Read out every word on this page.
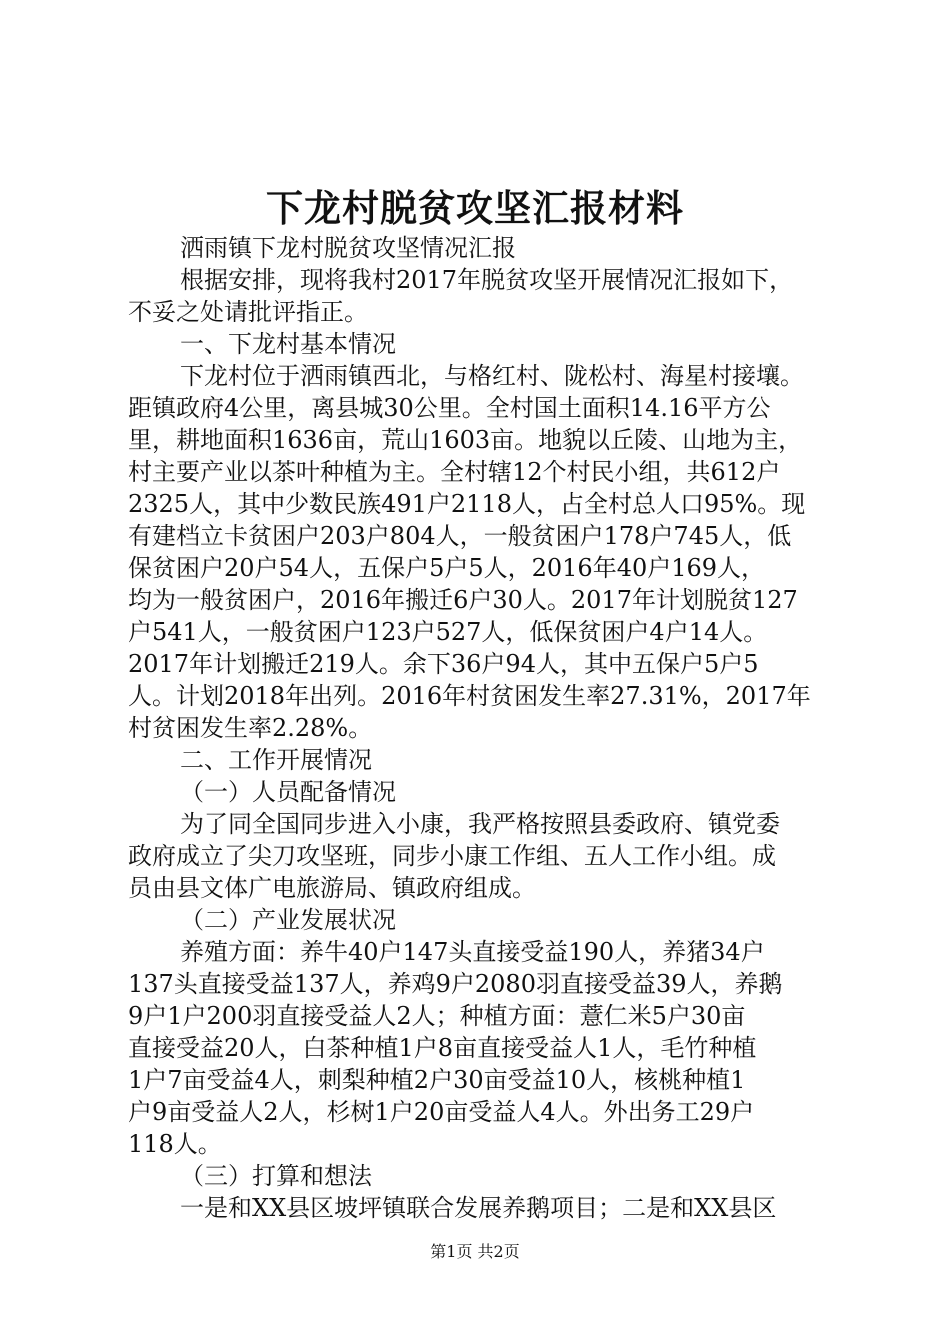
下龙村脱贫攻坚汇报材料
洒雨镇下龙村脱贫攻坚情况汇报
根据安排，现将我村2017年脱贫攻坚开展情况汇报如下，
不妥之处请批评指正。
一、下龙村基本情况
下龙村位于洒雨镇西北，与格红村、陇松村、海星村接壤。
距镇政府4公里，离县城30公里。全村国土面积14.16平方公
里，耕地面积1636亩，荒山1603亩。地貌以丘陵、山地为主，
村主要产业以茶叶种植为主。全村辖12个村民小组，共612户
2325人，其中少数民族491户2118人，占全村总人口95%。现
有建档立卡贫困户203户804人，一般贫困户178户745人，低
保贫困户20户54人，五保户5户5人，2016年40户169人，
均为一般贫困户，2016年搬迁6户30人。2017年计划脱贫127
户541人，一般贫困户123户527人，低保贫困户4户14人。
2017年计划搬迁219人。余下36户94人，其中五保户5户5
人。计划2018年出列。2016年村贫困发生率27.31%，2017年
村贫困发生率2.28%。
二、工作开展情况
（一）人员配备情况
为了同全国同步进入小康，我严格按照县委政府、镇党委
政府成立了尖刀攻坚班，同步小康工作组、五人工作小组。成
员由县文体广电旅游局、镇政府组成。
（二）产业发展状况
养殖方面：养牛40户147头直接受益190人，养猪34户
137头直接受益137人，养鸡9户2080羽直接受益39人，养鹅
9户1户200羽直接受益人2人；种植方面：薏仁米5户30亩
直接受益20人，白茶种植1户8亩直接受益人1人，毛竹种植
1户7亩受益4人，刺梨种植2户30亩受益10人，核桃种植1
户9亩受益人2人，杉树1户20亩受益人4人。外出务工29户
118人。
（三）打算和想法
一是和XX县区坡坪镇联合发展养鹅项目；二是和XX县区
第1页 共2页
